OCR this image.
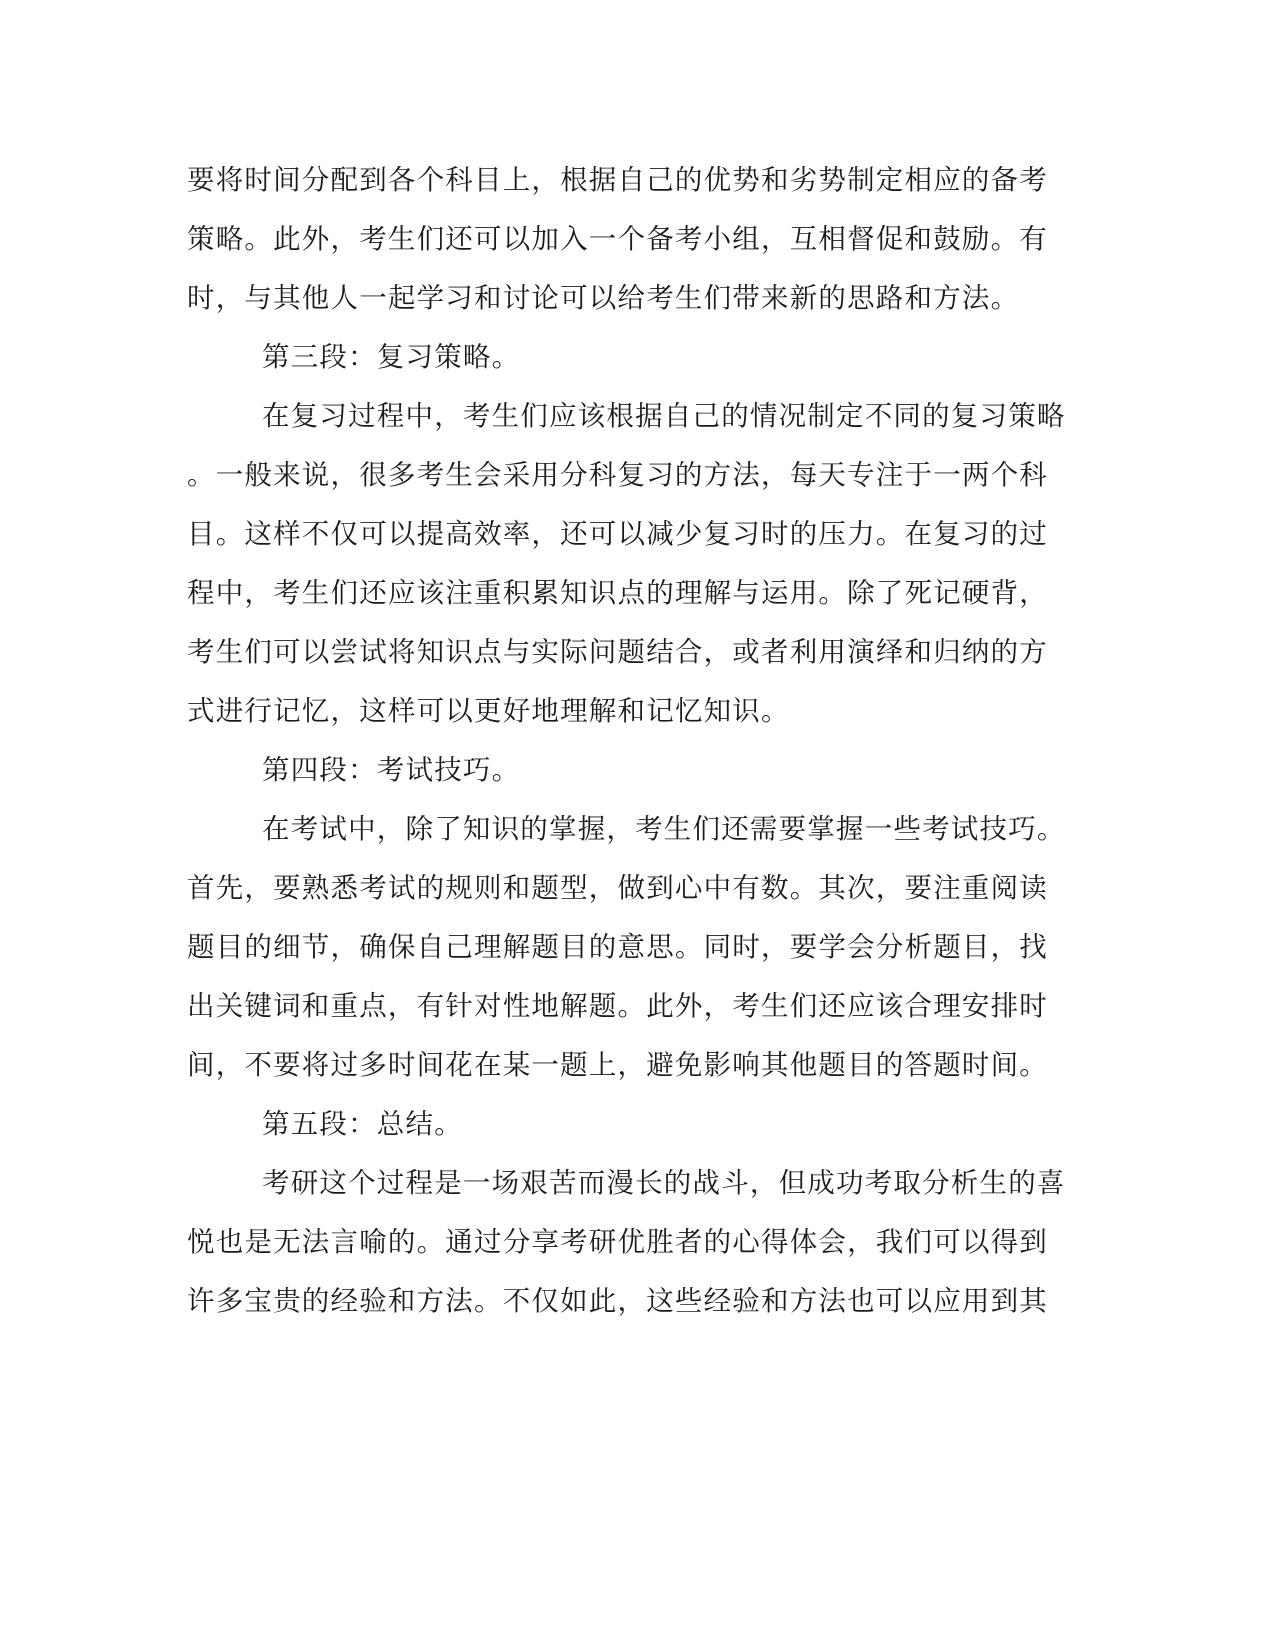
要将时间分配到各个科目上，根据自己的优势和劣势制定相应的备考
策略。此外，考生们还可以加入一个备考小组，互相督促和鼓励。有
时，与其他人一起学习和讨论可以给考生们带来新的思路和方法。
第三段：复习策略。
在复习过程中，考生们应该根据自己的情况制定不同的复习策略
。一般来说，很多考生会采用分科复习的方法，每天专注于一两个科
目。这样不仅可以提高效率，还可以减少复习时的压力。在复习的过
程中，考生们还应该注重积累知识点的理解与运用。除了死记硬背，
考生们可以尝试将知识点与实际问题结合，或者利用演绎和归纳的方
式进行记忆，这样可以更好地理解和记忆知识。
第四段：考试技巧。
在考试中，除了知识的掌握，考生们还需要掌握一些考试技巧。
首先，要熟悉考试的规则和题型，做到心中有数。其次，要注重阅读
题目的细节，确保自己理解题目的意思。同时，要学会分析题目，找
出关键词和重点，有针对性地解题。此外，考生们还应该合理安排时
间，不要将过多时间花在某一题上，避免影响其他题目的答题时间。
第五段：总结。
考研这个过程是一场艰苦而漫长的战斗，但成功考取分析生的喜
悦也是无法言喻的。通过分享考研优胜者的心得体会，我们可以得到
许多宝贵的经验和方法。不仅如此，这些经验和方法也可以应用到其
